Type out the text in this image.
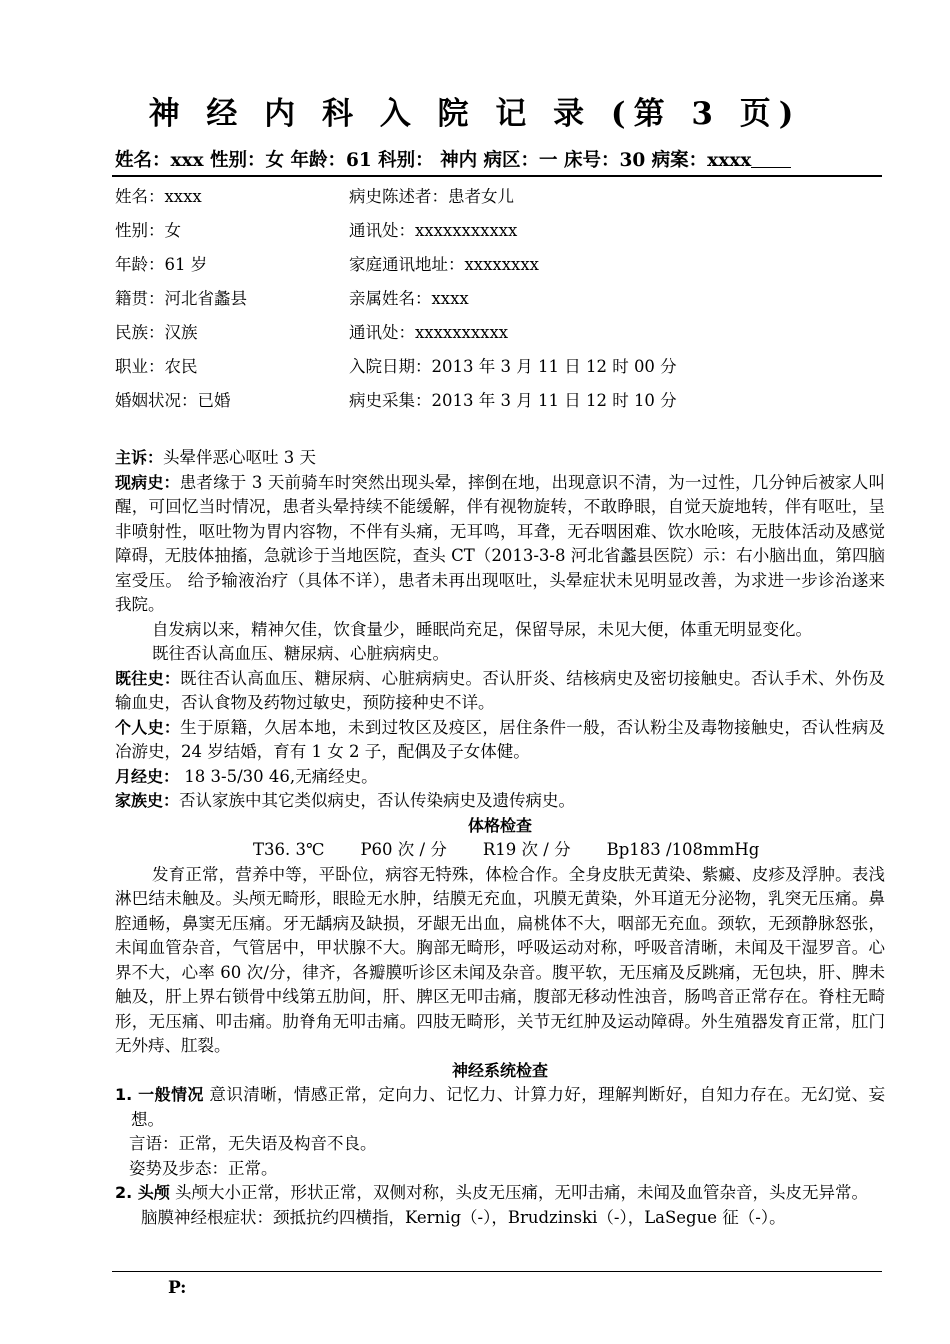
神 经 内 科 入 院 记 录 (第 3 页)
姓名：xxx 性别：女 年龄：61 科别： 神内 病区：一 床号：30 病案：xxxx
姓名：xxxx	病史陈述者：患者女儿
性别：女	通讯处：xxxxxxxxxxx
年龄：61 岁	家庭通讯地址：xxxxxxxx
籍贯：河北省蠡县	亲属姓名：xxxx
民族：汉族	通讯处：xxxxxxxxxx
职业：农民	入院日期：2013 年 3 月 11 日 12 时 00 分
婚姻状况：已婚	病史采集：2013 年 3 月 11 日 12 时 10 分

主诉：头晕伴恶心呕吐 3 天

现病史：患者缘于 3 天前骑车时突然出现头晕，摔倒在地，出现意识不清，为一过性，几分钟后被家人叫醒，可回忆当时情况，患者头晕持续不能缓解，伴有视物旋转，不敢睁眼，自觉天旋地转，伴有呕吐，呈非喷射性，呕吐物为胃内容物，不伴有头痛，无耳鸣，耳聋，无吞咽困难、饮水呛咳，无肢体活动及感觉障碍，无肢体抽搐，急就诊于当地医院，查头 CT（2013-3-8 河北省蠡县医院）示：右小脑出血，第四脑室受压。 给予输液治疗（具体不详），患者未再出现呕吐，头晕症状未见明显改善，为求进一步诊治遂来我院。

自发病以来，精神欠佳，饮食量少，睡眠尚充足，保留导尿，未见大便，体重无明显变化。

既往否认高血压、糖尿病、心脏病病史。

既往史：既往否认高血压、糖尿病、心脏病病史。否认肝炎、结核病史及密切接触史。否认手术、外伤及输血史，否认食物及药物过敏史，预防接种史不详。

个人史：生于原籍，久居本地，未到过牧区及疫区，居住条件一般，否认粉尘及毒物接触史，否认性病及冶游史，24 岁结婚，育有 1 女 2 子，配偶及子女体健。

月经史： 18 3-5/30 46,无痛经史。

家族史：否认家族中其它类似病史，否认传染病史及遗传病史。

体格检查

T36. 3℃ P60 次 / 分 R19 次 / 分 Bp183 /108mmHg

发育正常，营养中等，平卧位，病容无特殊，体检合作。全身皮肤无黄染、紫癜、皮疹及浮肿。表浅淋巴结未触及。头颅无畸形，眼睑无水肿，结膜无充血，巩膜无黄染，外耳道无分泌物，乳突无压痛。鼻腔通畅，鼻窦无压痛。牙无龋病及缺损，牙龈无出血，扁桃体不大，咽部无充血。颈软，无颈静脉怒张，未闻血管杂音，气管居中，甲状腺不大。胸部无畸形，呼吸运动对称，呼吸音清晰，未闻及干湿罗音。心界不大，心率 60 次/分，律齐，各瓣膜听诊区未闻及杂音。腹平软，无压痛及反跳痛，无包块，肝、脾未触及，肝上界右锁骨中线第五肋间，肝、脾区无叩击痛，腹部无移动性浊音，肠鸣音正常存在。脊柱无畸形，无压痛、叩击痛。肋脊角无叩击痛。四肢无畸形，关节无红肿及运动障碍。外生殖器发育正常，肛门无外痔、肛裂。

神经系统检查

1. 一般情况 意识清晰，情感正常，定向力、记忆力、计算力好，理解判断好，自知力存在。无幻觉、妄想。

言语：正常，无失语及构音不良。

姿势及步态：正常。

2. 头颅 头颅大小正常，形状正常，双侧对称，头皮无压痛，无叩击痛，未闻及血管杂音，头皮无异常。

脑膜神经根症状：颈抵抗约四横指，Kernig（-），Brudzinski（-），LaSegue 征（-）。

P:
